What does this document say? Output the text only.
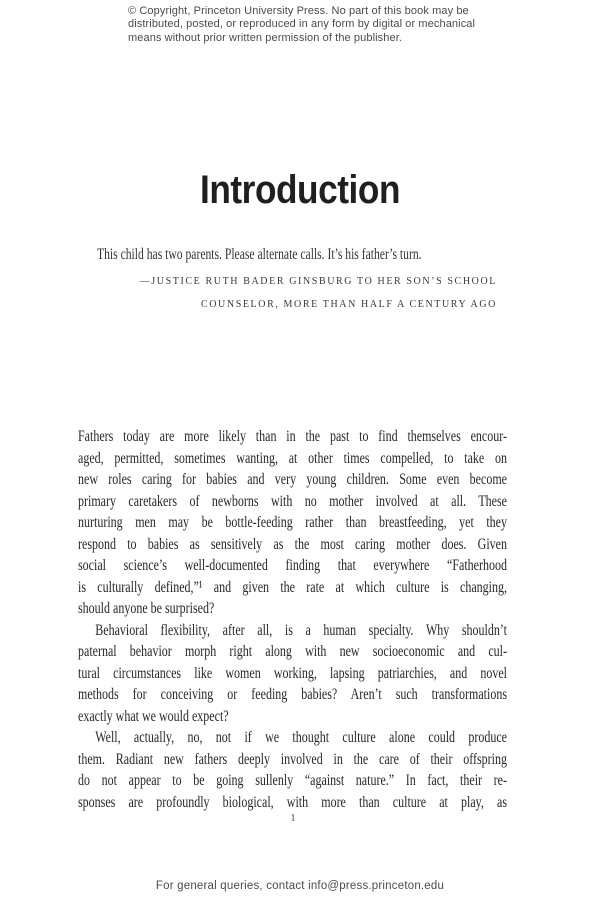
© Copyright, Princeton University Press. No part of this book may be
distributed, posted, or reproduced in any form by digital or mechanical
means without prior written permission of the publisher.
Introduction
This child has two parents. Please alternate calls. It’s his father’s turn.
—JUSTICE RUTH BADER GINSBURG TO HER SON’S SCHOOL
COUNSELOR, MORE THAN HALF A CENTURY AGO
Fathers today are more likely than in the past to find themselves encour-
aged, permitted, sometimes wanting, at other times compelled, to take on
new roles caring for babies and very young children. Some even become
primary caretakers of newborns with no mother involved at all. These
nurturing men may be bottle-feeding rather than breastfeeding, yet they
respond to babies as sensitively as the most caring mother does. Given
social science’s well-documented finding that everywhere “Fatherhood
is culturally defined,”¹ and given the rate at which culture is changing,
should anyone be surprised?
Behavioral flexibility, after all, is a human specialty. Why shouldn’t
paternal behavior morph right along with new socioeconomic and cul-
tural circumstances like women working, lapsing patriarchies, and novel
methods for conceiving or feeding babies? Aren’t such transformations
exactly what we would expect?
Well, actually, no, not if we thought culture alone could produce
them. Radiant new fathers deeply involved in the care of their offspring
do not appear to be going sullenly “against nature.” In fact, their re-
sponses are profoundly biological, with more than culture at play, as
1
For general queries, contact info@press.princeton.edu
